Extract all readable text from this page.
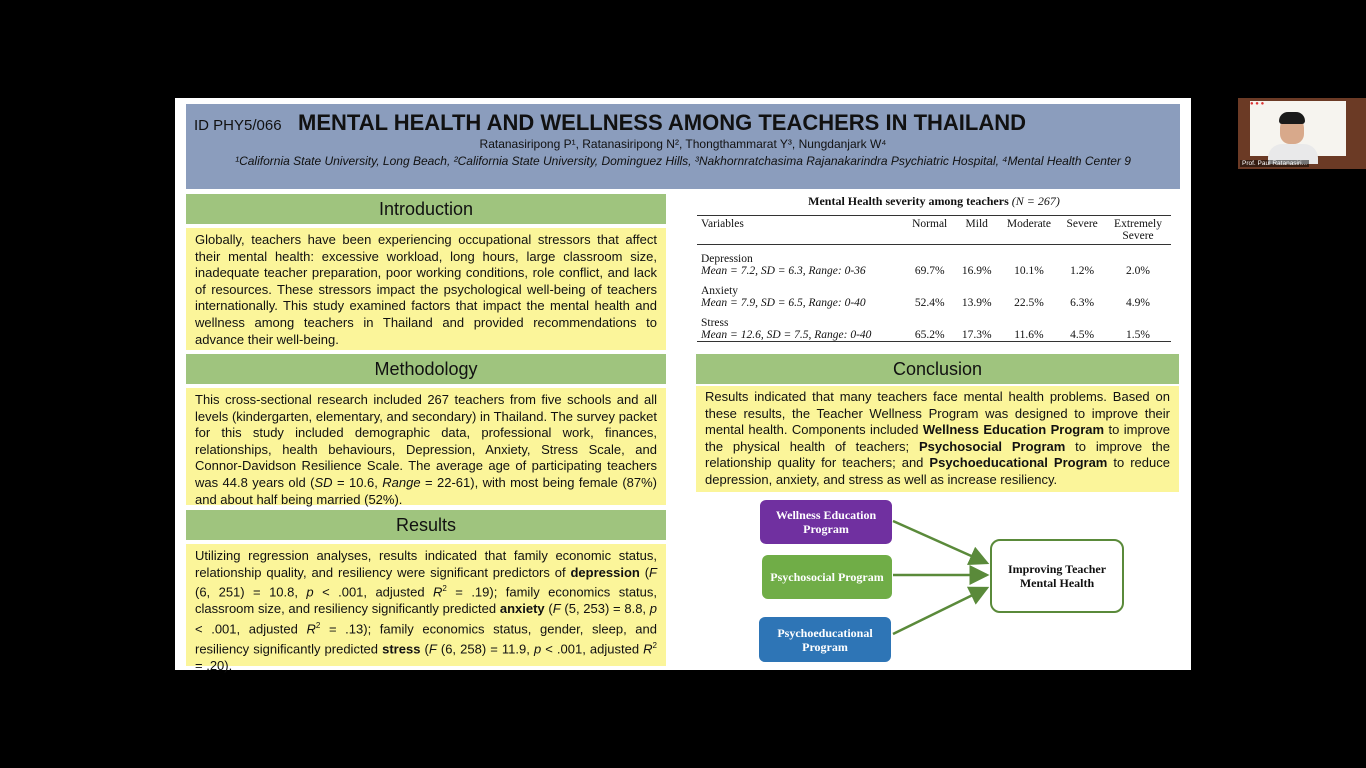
ID PHY5/066 MENTAL HEALTH AND WELLNESS AMONG TEACHERS IN THAILAND
Ratanasiripong P¹, Ratanasiripong N², Thongthammarat Y³, Nungdanjark W⁴
¹California State University, Long Beach, ²California State University, Dominguez Hills, ³Nakhornratchasima Rajanakarindra Psychiatric Hospital, ⁴Mental Health Center 9
Introduction
Globally, teachers have been experiencing occupational stressors that affect their mental health: excessive workload, long hours, large classroom size, inadequate teacher preparation, poor working conditions, role conflict, and lack of resources. These stressors impact the psychological well-being of teachers internationally. This study examined factors that impact the mental health and wellness among teachers in Thailand and provided recommendations to advance their well-being.
Methodology
This cross-sectional research included 267 teachers from five schools and all levels (kindergarten, elementary, and secondary) in Thailand. The survey packet for this study included demographic data, professional work, finances, relationships, health behaviours, Depression, Anxiety, Stress Scale, and Connor-Davidson Resilience Scale. The average age of participating teachers was 44.8 years old (SD = 10.6, Range = 22-61), with most being female (87%) and about half being married (52%).
Results
Utilizing regression analyses, results indicated that family economic status, relationship quality, and resiliency were significant predictors of depression (F (6, 251) = 10.8, p < .001, adjusted $R^2 = .19$); family economics status, classroom size, and resiliency significantly predicted anxiety (F (5, 253) = 8.8, p < .001, adjusted $R^2 = .13$); family economics status, gender, sleep, and resiliency significantly predicted stress (F (6, 258) = 11.9, p < .001, adjusted $R^2 = .20$).
Mental Health severity among teachers (N = 267)
Variables	Normal	Mild	Moderate	Severe	Extremely Severe
Depression
Mean = 7.2, SD = 6.3, Range: 0-36	69.7%	16.9%	10.1%	1.2%	2.0%
Anxiety
Mean = 7.9, SD = 6.5, Range: 0-40	52.4%	13.9%	22.5%	6.3%	4.9%
Stress
Mean = 12.6, SD = 7.5, Range: 0-40	65.2%	17.3%	11.6%	4.5%	1.5%
Conclusion
Results indicated that many teachers face mental health problems. Based on these results, the Teacher Wellness Program was designed to improve their mental health. Components included Wellness Education Program to improve the physical health of teachers; Psychosocial Program to improve the relationship quality for teachers; and Psychoeducational Program to reduce depression, anxiety, and stress as well as increase resiliency.
Wellness Education Program
Psychosocial Program
Psychoeducational Program
Improving Teacher Mental Health
● ● ●
Prof. Paul Ratanasiri...
